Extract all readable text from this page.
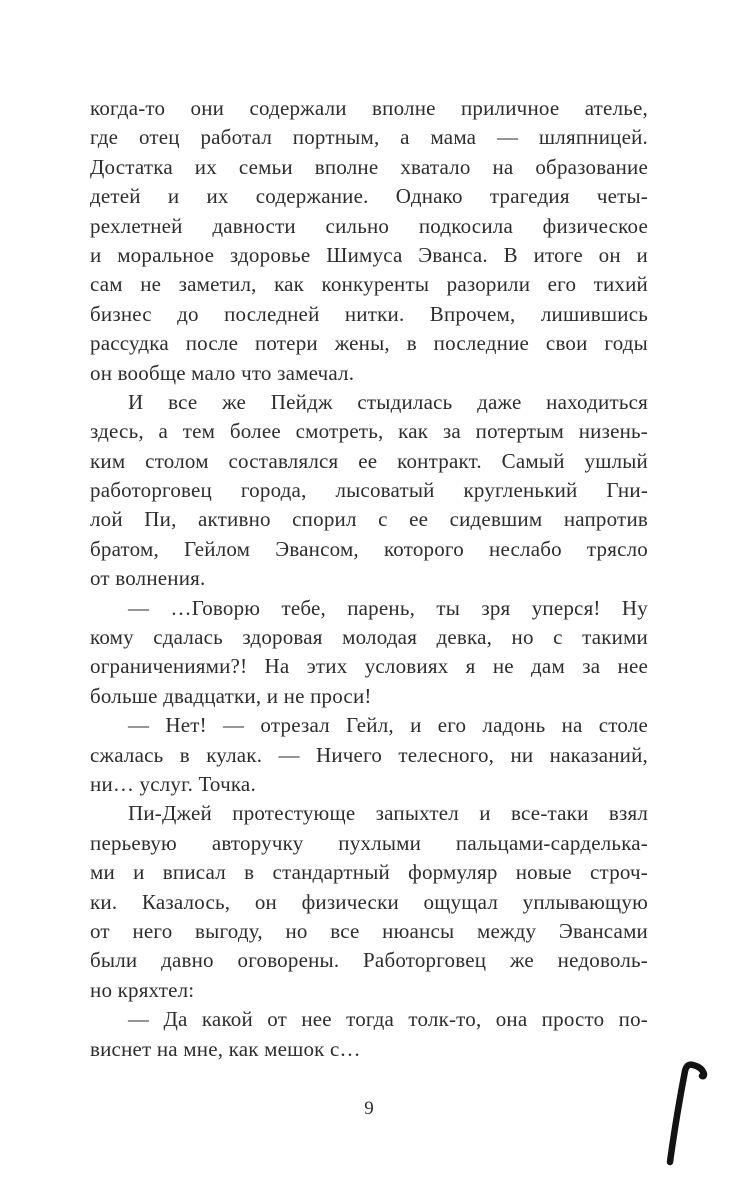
когда-то они содержали вполне приличное ателье,
где отец работал портным, а мама — шляпницей.
Достатка их семьи вполне хватало на образование
детей и их содержание. Однако трагедия четы-
рехлетней давности сильно подкосила физическое
и моральное здоровье Шимуса Эванса. В итоге он и
сам не заметил, как конкуренты разорили его тихий
бизнес до последней нитки. Впрочем, лишившись
рассудка после потери жены, в последние свои годы
он вообще мало что замечал.
И все же Пейдж стыдилась даже находиться
здесь, а тем более смотреть, как за потертым низень-
ким столом составлялся ее контракт. Самый ушлый
работорговец города, лысоватый кругленький Гни-
лой Пи, активно спорил с ее сидевшим напротив
братом, Гейлом Эвансом, которого неслабо трясло
от волнения.
— …Говорю тебе, парень, ты зря уперся! Ну
кому сдалась здоровая молодая девка, но с такими
ограничениями?! На этих условиях я не дам за нее
больше двадцатки, и не проси!
— Нет! — отрезал Гейл, и его ладонь на столе
сжалась в кулак. — Ничего телесного, ни наказаний,
ни… услуг. Точка.
Пи-Джей протестующе запыхтел и все-таки взял
перьевую авторучку пухлыми пальцами-сарделька-
ми и вписал в стандартный формуляр новые строч-
ки. Казалось, он физически ощущал уплывающую
от него выгоду, но все нюансы между Эвансами
были давно оговорены. Работорговец же недоволь-
но кряхтел:
— Да какой от нее тогда толк-то, она просто по-
виснет на мне, как мешок с…
9
